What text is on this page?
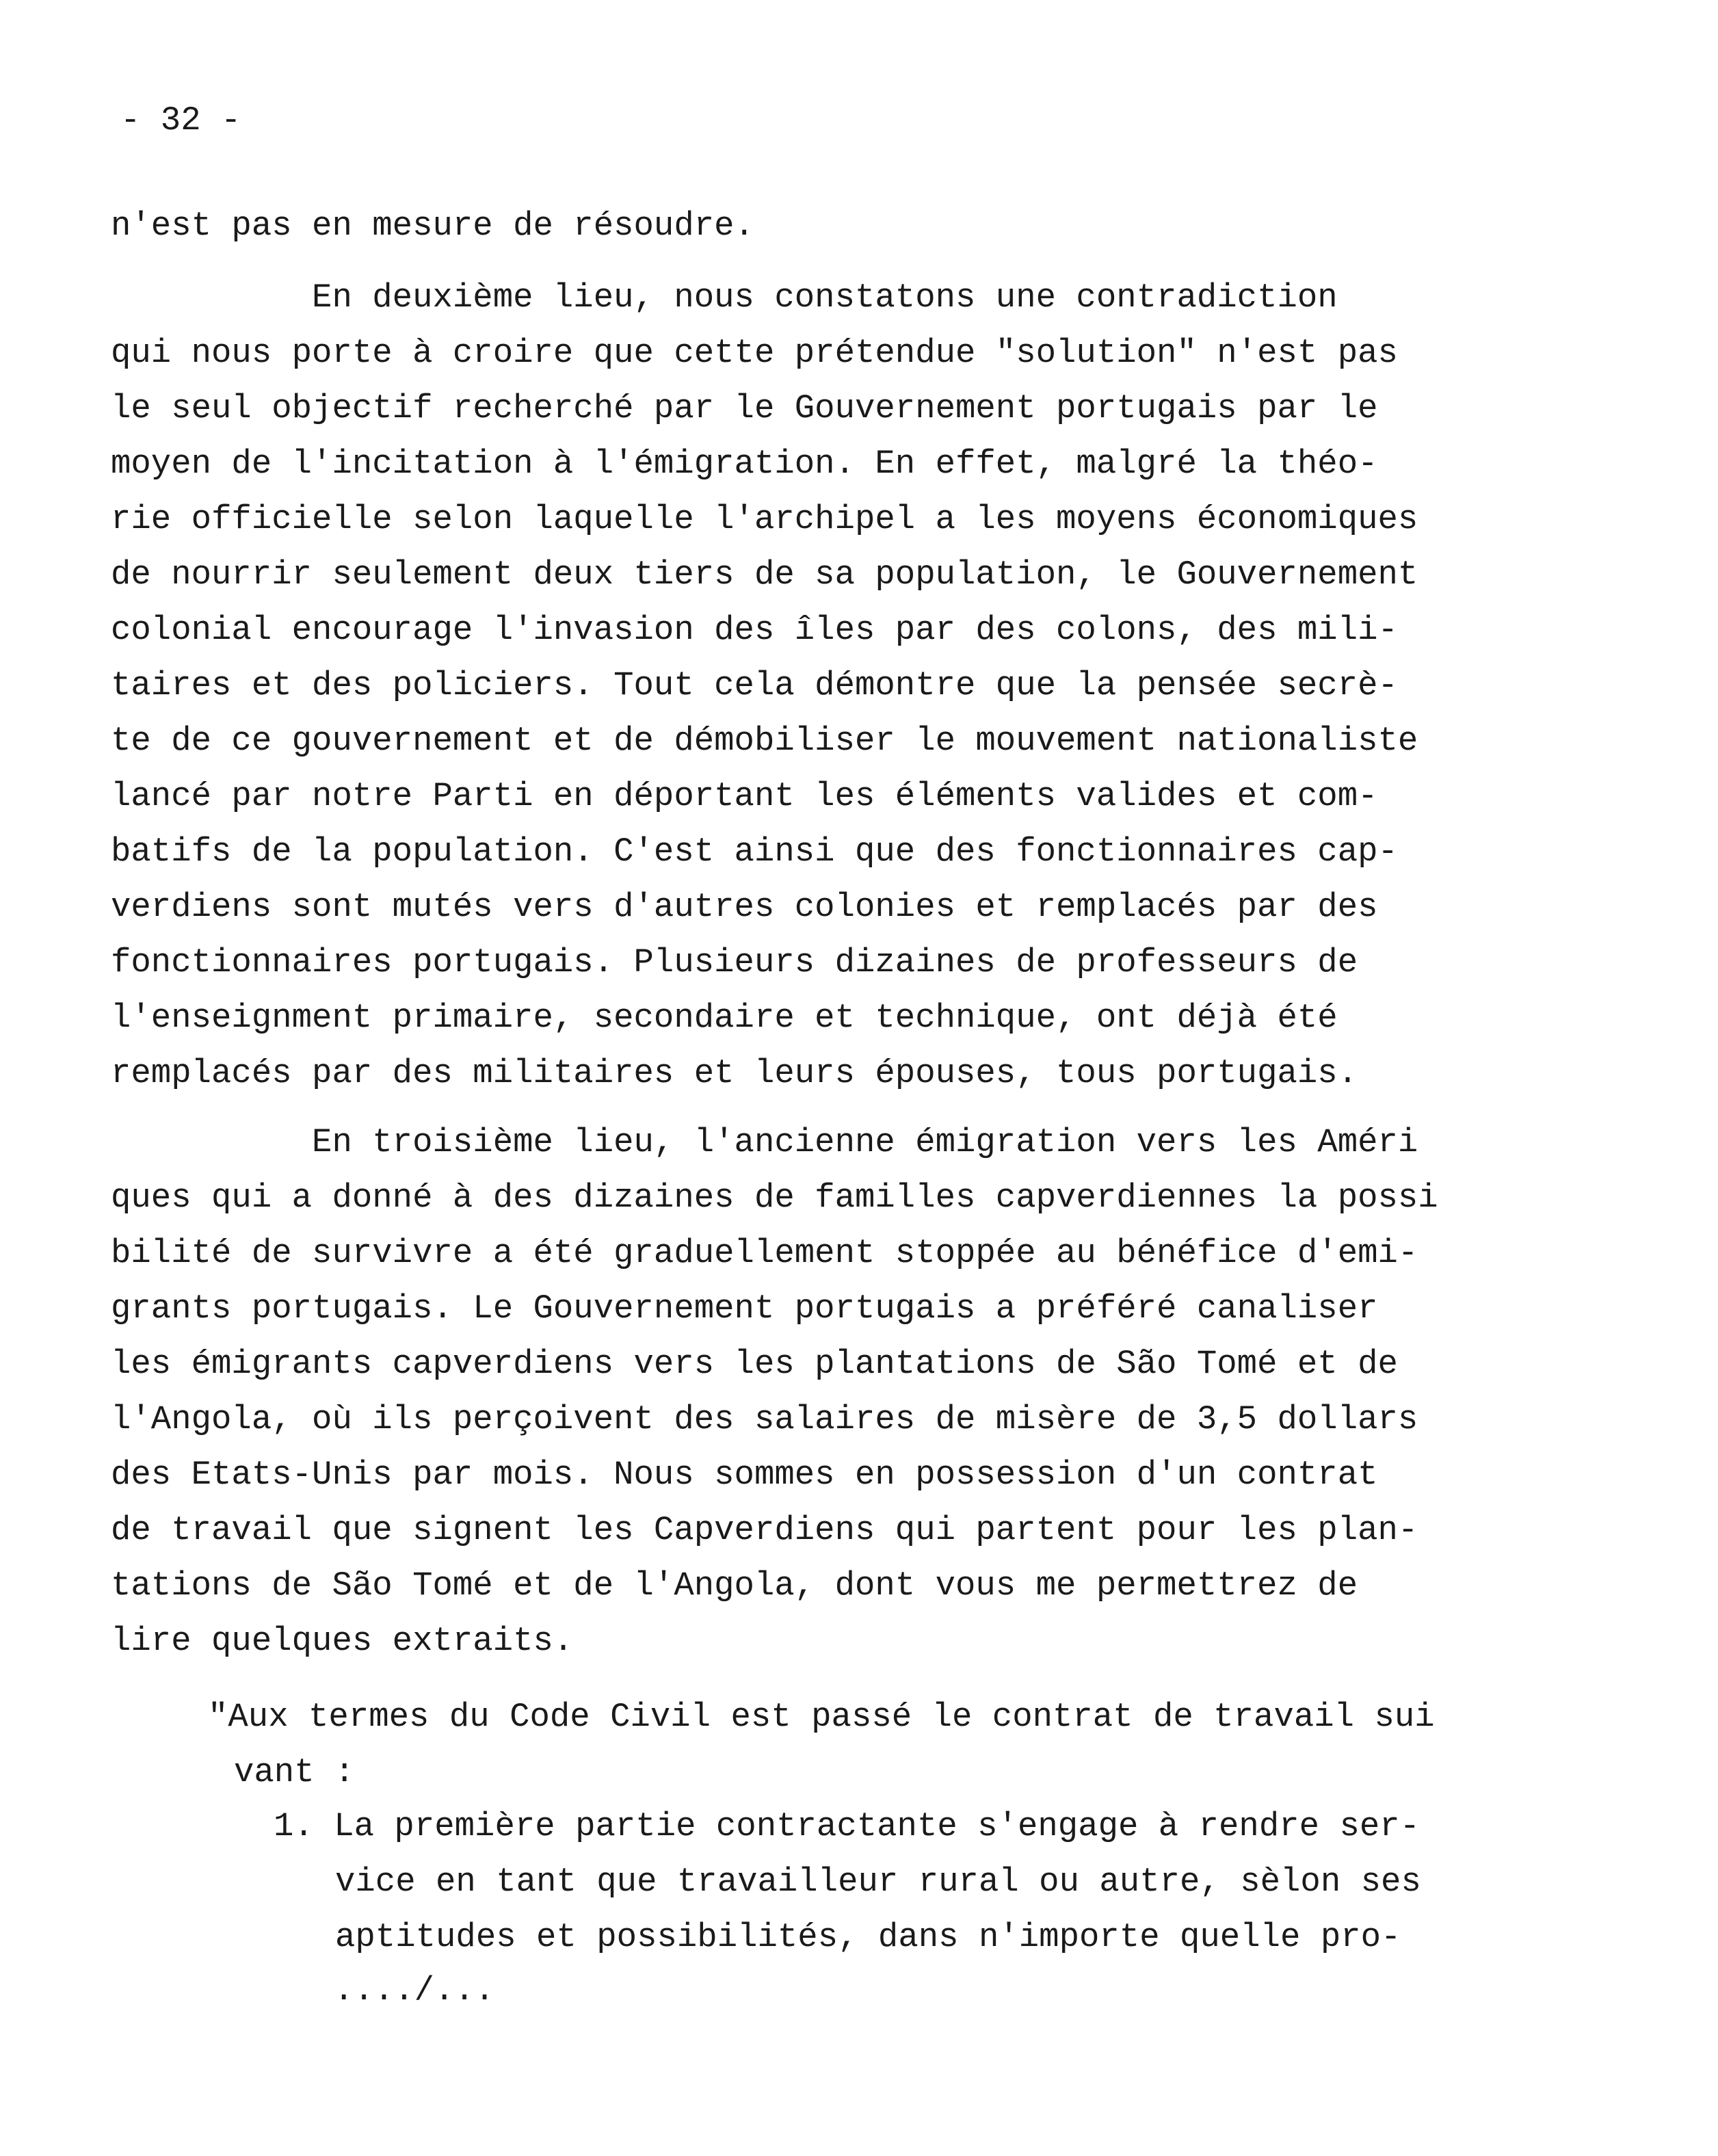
- 32 -
n'est pas en mesure de résoudre.
En deuxième lieu, nous constatons une contradiction
qui nous porte à croire que cette prétendue "solution" n'est pas
le seul objectif recherché par le Gouvernement portugais par le
moyen de l'incitation à l'émigration. En effet, malgré la théo-
rie officielle selon laquelle l'archipel a les moyens économiques
de nourrir seulement deux tiers de sa population, le Gouvernement
colonial encourage l'invasion des îles par des colons, des mili-
taires et des policiers. Tout cela démontre que la pensée secrè-
te de ce gouvernement et de démobiliser le mouvement nationaliste
lancé par notre Parti en déportant les éléments valides et com-
batifs de la population. C'est ainsi que des fonctionnaires cap-
verdiens sont mutés vers d'autres colonies et remplacés par des
fonctionnaires portugais. Plusieurs dizaines de professeurs de
l'enseignment primaire, secondaire et technique, ont déjà été
remplacés par des militaires et leurs épouses, tous portugais.
En troisième lieu, l'ancienne émigration vers les Améri
ques qui a donné à des dizaines de familles capverdiennes la possi
bilité de survivre a été graduellement stoppée au bénéfice d'emi-
grants portugais. Le Gouvernement portugais a préféré canaliser
les émigrants capverdiens vers les plantations de São Tomé et de
l'Angola, où ils perçoivent des salaires de misère de 3,5 dollars
des Etats-Unis par mois. Nous sommes en possession d'un contrat
de travail que signent les Capverdiens qui partent pour les plan-
tations de São Tomé et de l'Angola, dont vous me permettrez de
lire quelques extraits.
"Aux termes du Code Civil est passé le contrat de travail sui
vant :
1. La première partie contractante s'engage à rendre ser-
vice en tant que travailleur rural ou autre, sèlon ses
aptitudes et possibilités, dans n'importe quelle pro-
..../...
